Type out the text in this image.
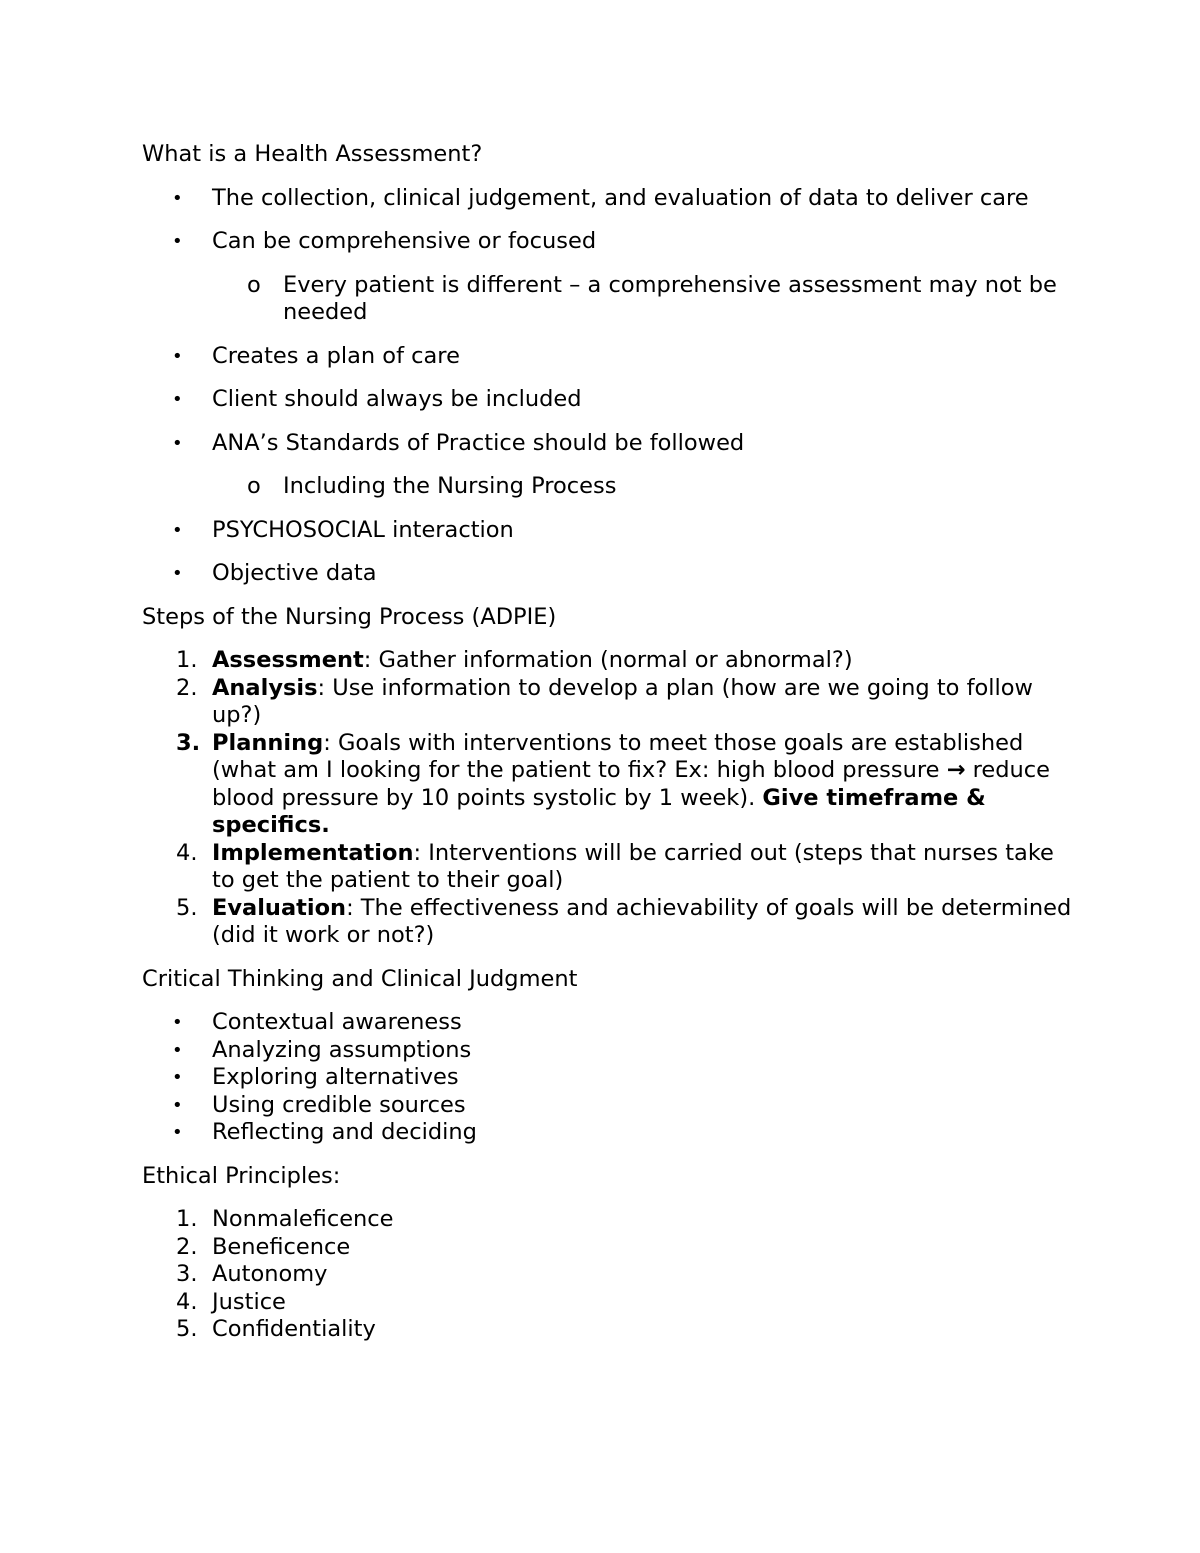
What is a Health Assessment?
•	The collection, clinical judgement, and evaluation of data to deliver care
•	Can be comprehensive or focused
o Every patient is different – a comprehensive assessment may not be needed
•	Creates a plan of care
•	Client should always be included
•	ANA’s Standards of Practice should be followed
o Including the Nursing Process
•	PSYCHOSOCIAL interaction
•	Objective data
Steps of the Nursing Process (ADPIE)
1. Assessment: Gather information (normal or abnormal?)
2. Analysis: Use information to develop a plan (how are we going to follow up?)
3. Planning: Goals with interventions to meet those goals are established (what am I looking for the patient to fix? Ex: high blood pressure → reduce blood pressure by 10 points systolic by 1 week). Give timeframe & specifics.
4. Implementation: Interventions will be carried out (steps that nurses take to get the patient to their goal)
5. Evaluation: The effectiveness and achievability of goals will be determined (did it work or not?)
Critical Thinking and Clinical Judgment
•	Contextual awareness
•	Analyzing assumptions
•	Exploring alternatives
•	Using credible sources
•	Reflecting and deciding
Ethical Principles:
1. Nonmaleficence
2. Beneficence
3. Autonomy
4. Justice
5. Confidentiality
